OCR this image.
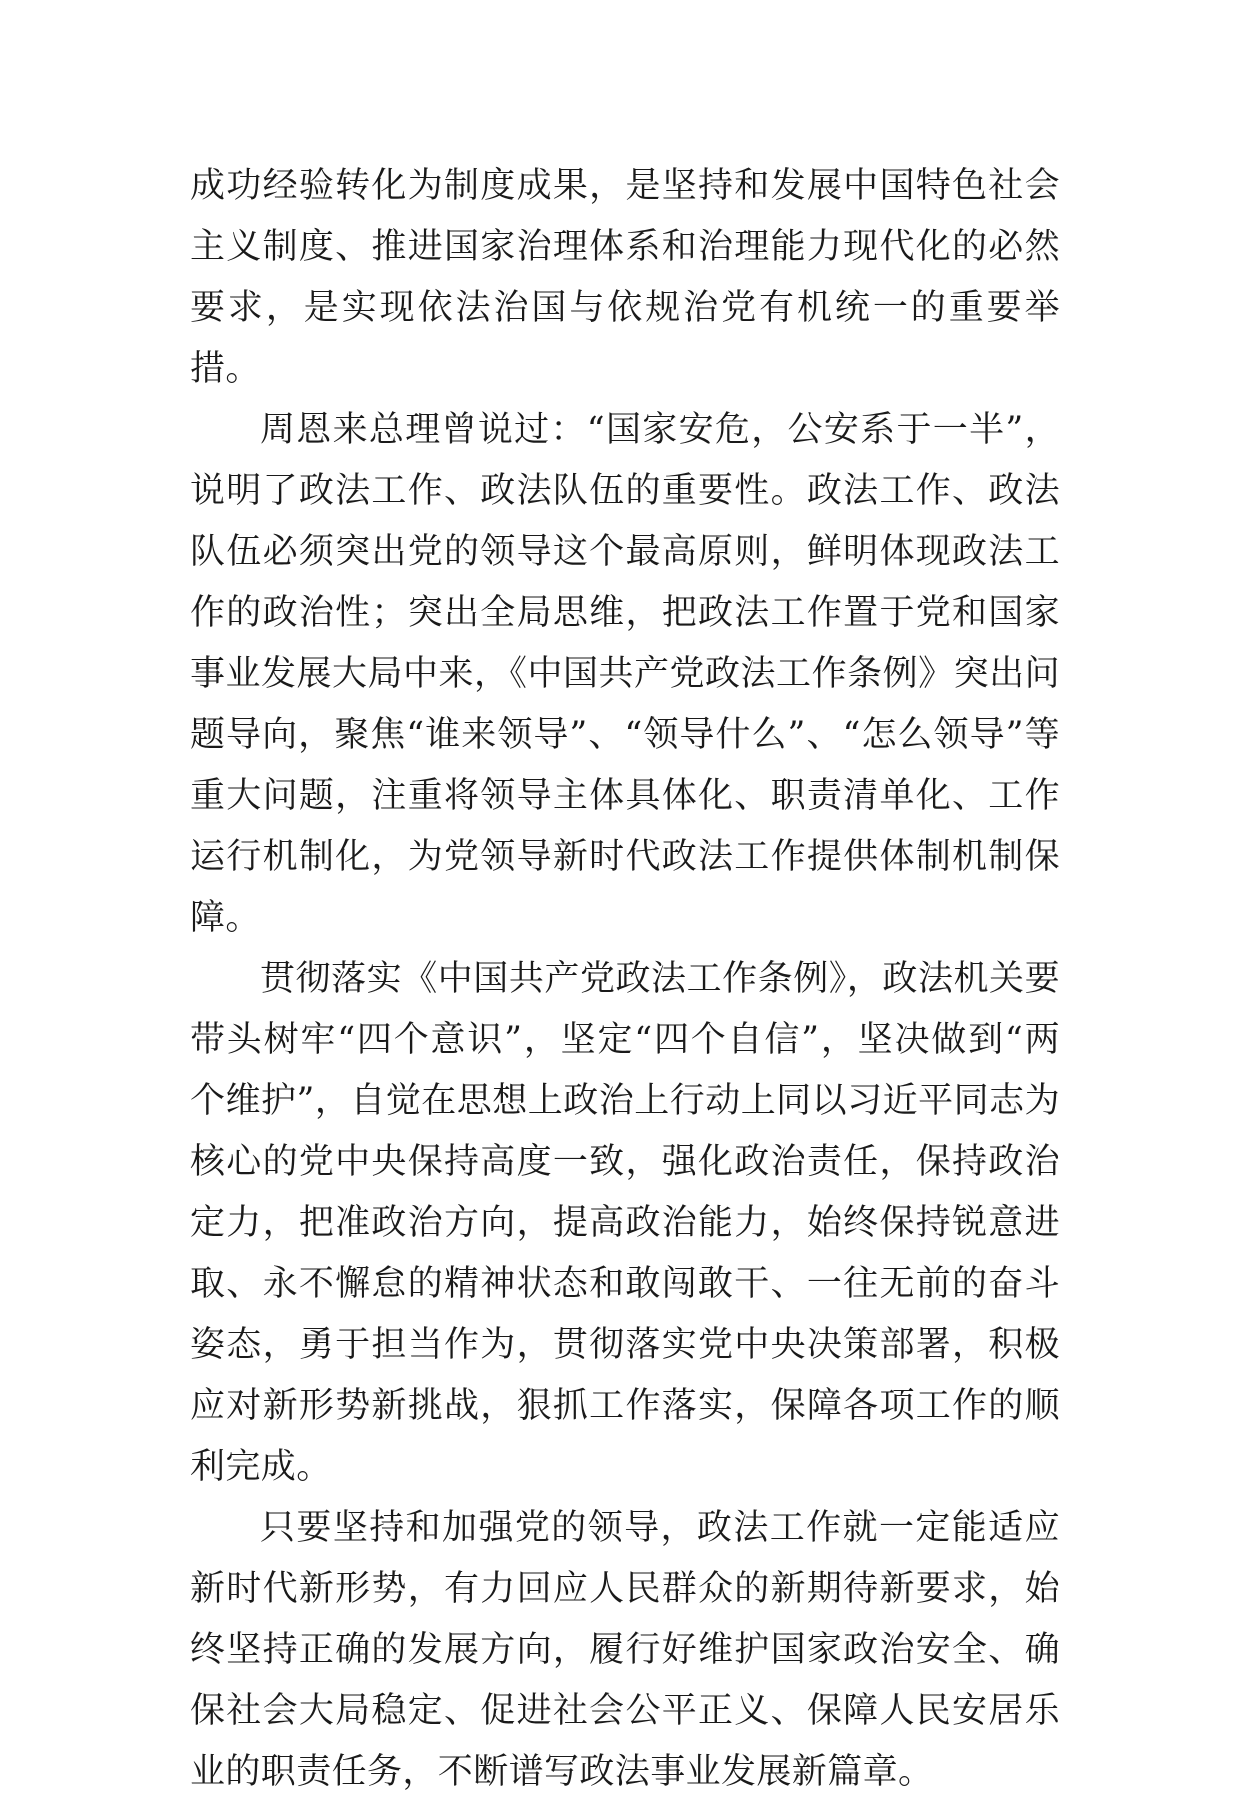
成功经验转化为制度成果，是坚持和发展中国特色社会主义制度、推进国家治理体系和治理能力现代化的必然要求，是实现依法治国与依规治党有机统一的重要举措。

周恩来总理曾说过：“国家安危，公安系于一半”，说明了政法工作、政法队伍的重要性。政法工作、政法队伍必须突出党的领导这个最高原则，鲜明体现政法工作的政治性；突出全局思维，把政法工作置于党和国家事业发展大局中来，《中国共产党政法工作条例》突出问题导向，聚焦“谁来领导”、“领导什么”、“怎么领导”等重大问题，注重将领导主体具体化、职责清单化、工作运行机制化，为党领导新时代政法工作提供体制机制保障。

贯彻落实《中国共产党政法工作条例》，政法机关要带头树牢“四个意识”，坚定“四个自信”，坚决做到“两个维护”，自觉在思想上政治上行动上同以习近平同志为核心的党中央保持高度一致，强化政治责任，保持政治定力，把准政治方向，提高政治能力，始终保持锐意进取、永不懈怠的精神状态和敢闯敢干、一往无前的奋斗姿态，勇于担当作为，贯彻落实党中央决策部署，积极应对新形势新挑战，狠抓工作落实，保障各项工作的顺利完成。

只要坚持和加强党的领导，政法工作就一定能适应新时代新形势，有力回应人民群众的新期待新要求，始终坚持正确的发展方向，履行好维护国家政治安全、确保社会大局稳定、促进社会公平正义、保障人民安居乐业的职责任务，不断谱写政法事业发展新篇章。
